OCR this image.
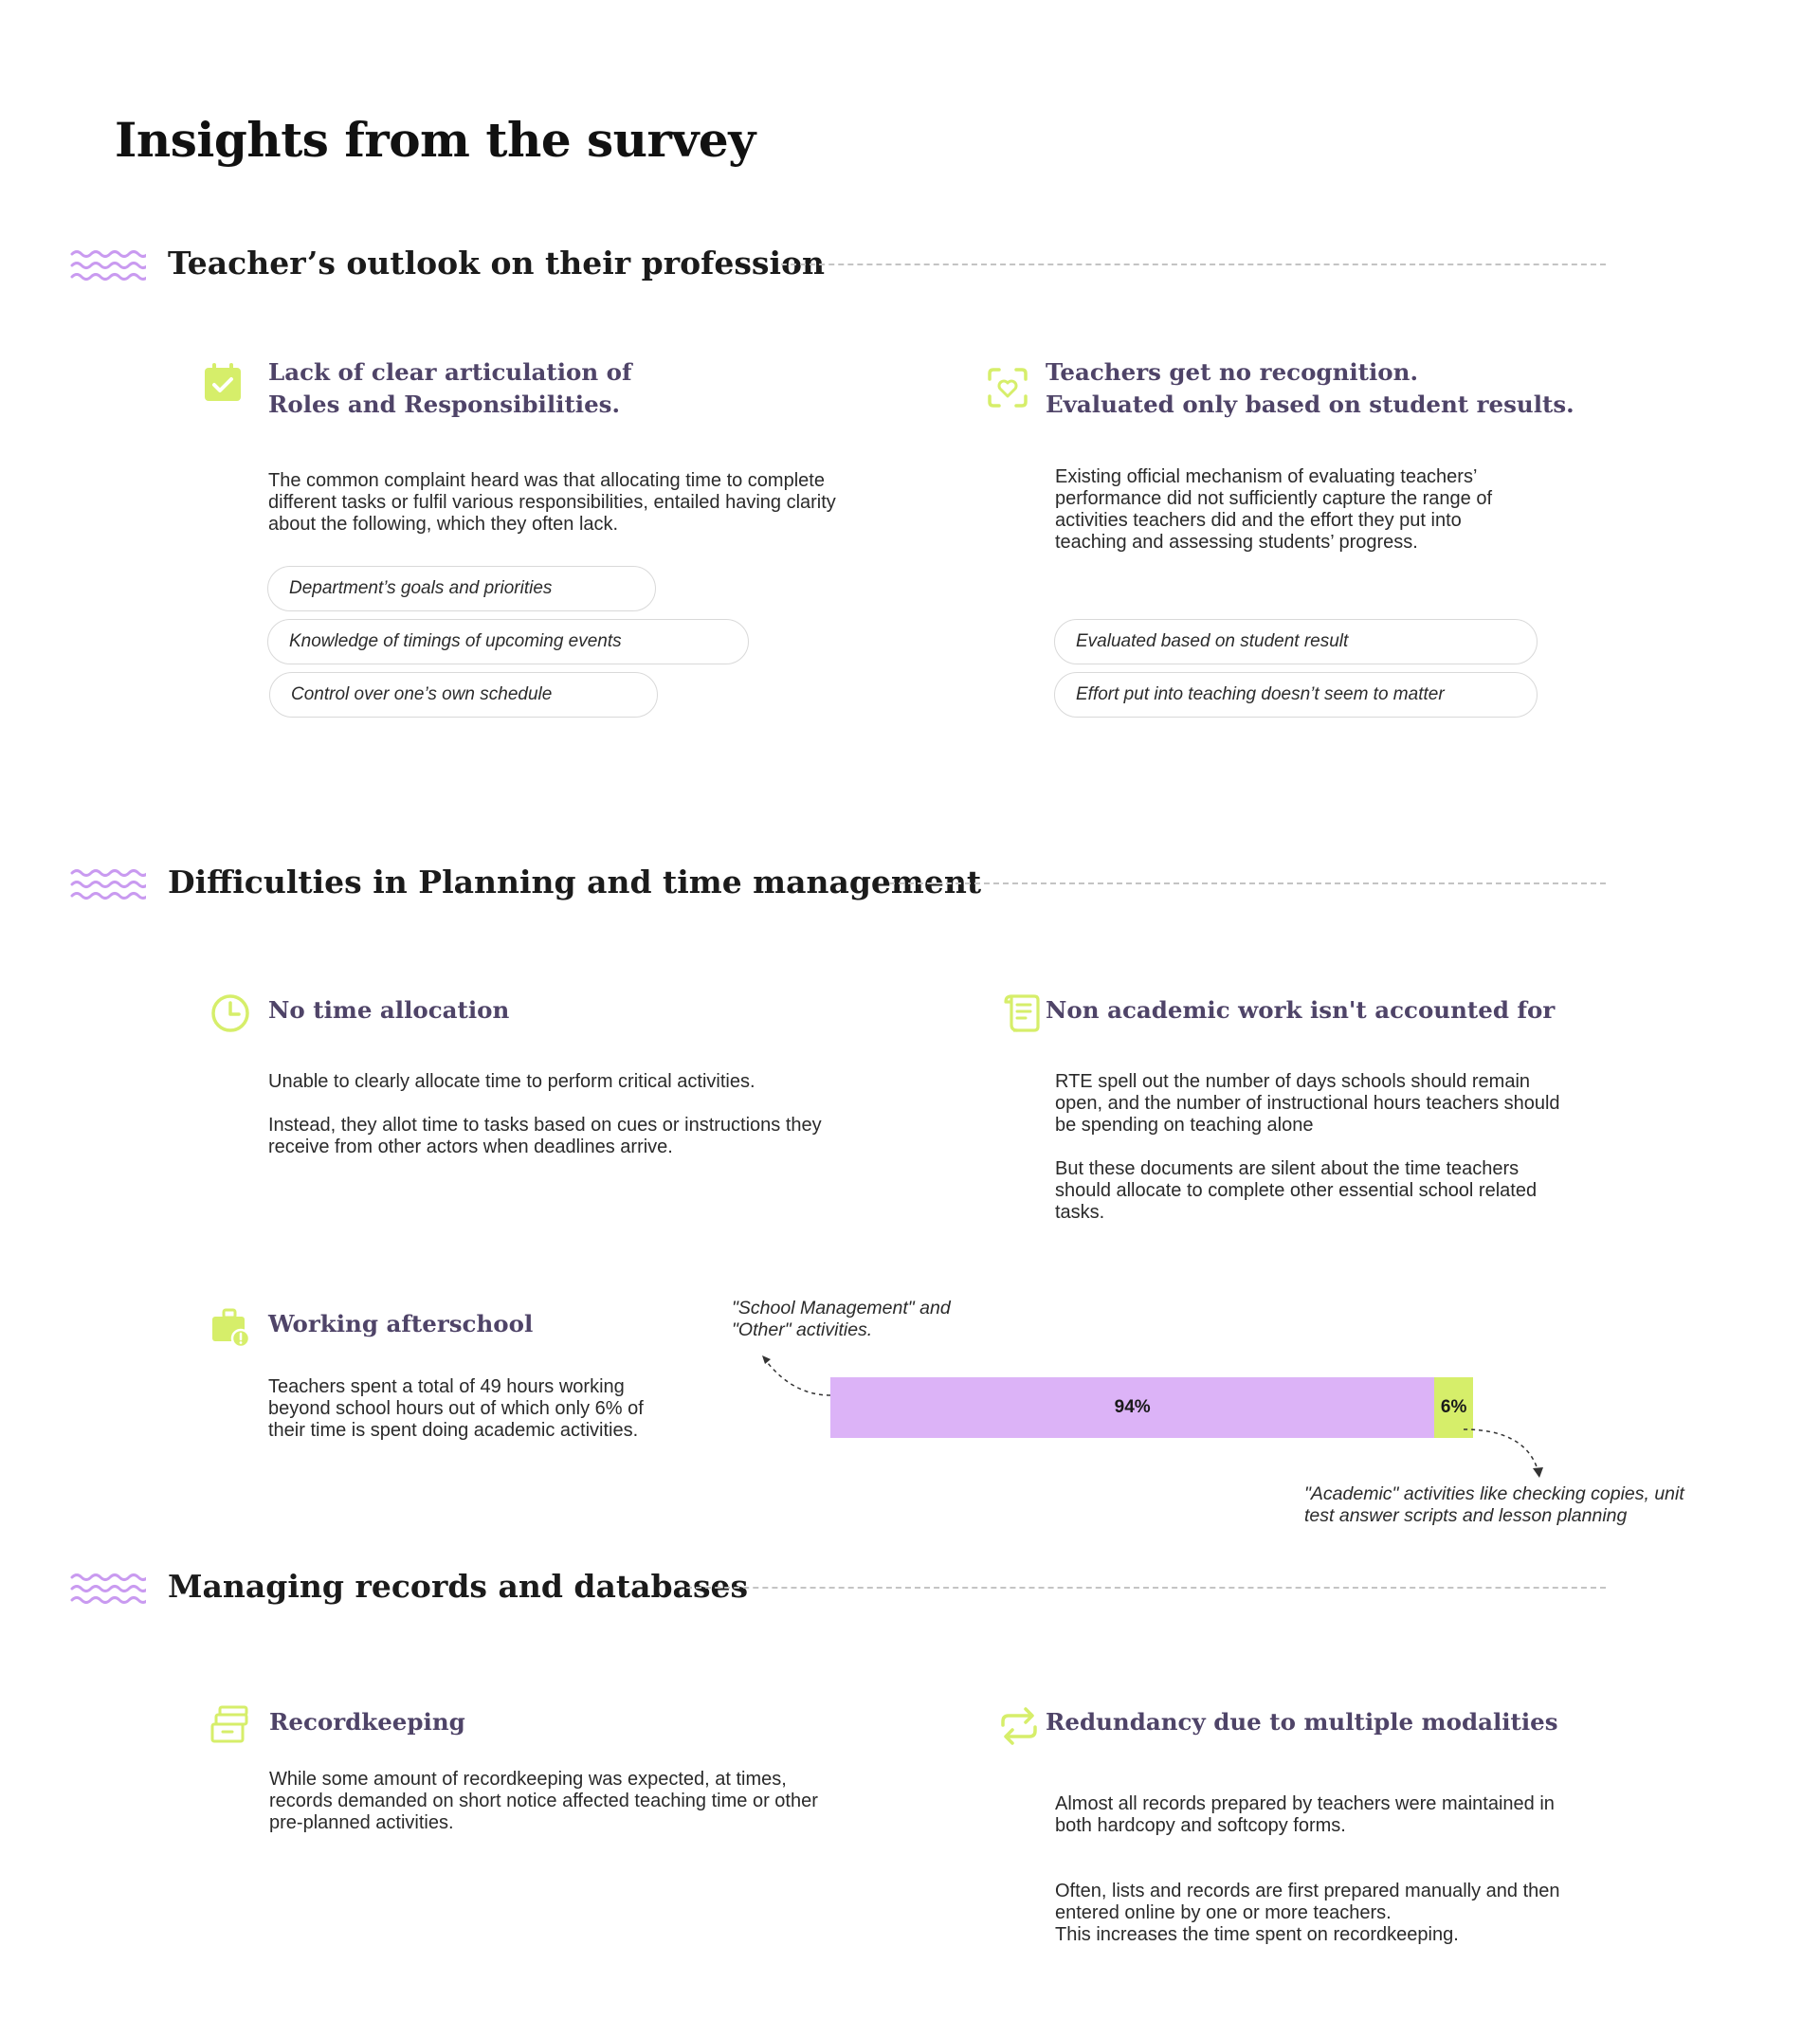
Insights from the survey
Teacher’s outlook on their profession
Lack of clear articulation of
Roles and Responsibilities.

The common complaint heard was that allocating time to complete different tasks or fulfil various responsibilities, entailed having clarity about the following, which they often lack.

Department’s goals and priorities
Knowledge of timings of upcoming events
Control over one’s own schedule
Teachers get no recognition.
Evaluated only based on student results.

Existing official mechanism of evaluating teachers’ performance did not sufficiently capture the range of activities teachers did and the effort they put into teaching and assessing students’ progress.

Evaluated based on student result
Effort put into teaching doesn’t seem to matter
Difficulties in Planning and time management
No time allocation

Unable to clearly allocate time to perform critical activities.

Instead, they allot time to tasks based on cues or instructions they receive from other actors when deadlines arrive.

Non academic work isn't accounted for

RTE spell out the number of days schools should remain open, and the number of instructional hours teachers should be spending on teaching alone

But these documents are silent about the time teachers should allocate to complete other essential school related tasks.

Working afterschool

Teachers spent a total of 49 hours working beyond school hours out of which only 6% of their time is spent doing academic activities.

"School Management" and
"Other" activities.
94%	6%
"Academic" activities like checking copies, unit
test answer scripts and lesson planning
Managing records and databases
Recordkeeping

While some amount of recordkeeping was expected, at times, records demanded on short notice affected teaching time or other pre-planned activities.

Redundancy due to multiple modalities

Almost all records prepared by teachers were maintained in both hardcopy and softcopy forms.

Often, lists and records are first prepared manually and then entered online by one or more teachers.
This increases the time spent on recordkeeping.
